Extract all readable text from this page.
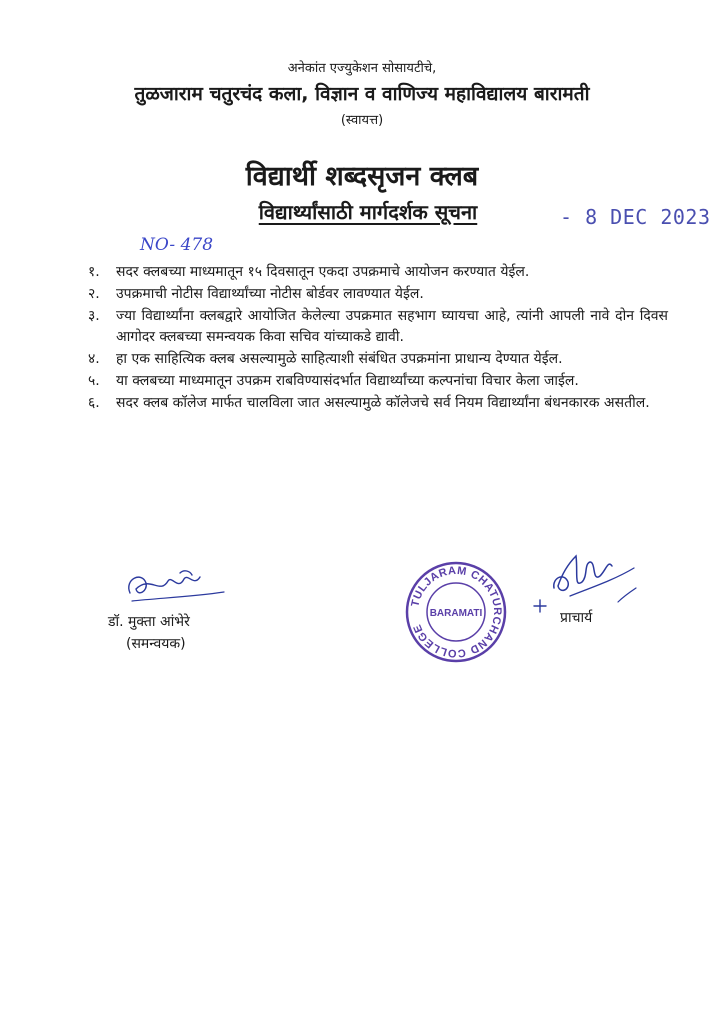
अनेकांत एज्युकेशन सोसायटीचे,
तुळजाराम चतुरचंद कला, विज्ञान व वाणिज्य महाविद्यालय बारामती
(स्वायत्त)
विद्यार्थी शब्दसृजन क्लब
विद्यार्थ्यांसाठी मार्गदर्शक सूचना	- 8 DEC 2023
NO- 478
१. सदर क्लबच्या माध्यमातून १५ दिवसातून एकदा उपक्रमाचे आयोजन करण्यात येईल.
२. उपक्रमाची नोटीस विद्यार्थ्यांच्या नोटीस बोर्डवर लावण्यात येईल.
३. ज्या विद्यार्थ्यांना क्लबद्वारे आयोजित केलेल्या उपक्रमात सहभाग घ्यायचा आहे, त्यांनी आपली नावे दोन दिवस आगोदर क्लबच्या समन्वयक किवा सचिव यांच्याकडे द्यावी.
४. हा एक साहित्यिक क्लब असल्यामुळे साहित्याशी संबंधित उपक्रमांना प्राधान्य देण्यात येईल.
५. या क्लबच्या माध्यमातून उपक्रम राबविण्यासंदर्भात विद्यार्थ्यांच्या कल्पनांचा विचार केला जाईल.
६. सदर क्लब कॉलेज मार्फत चालविला जात असल्यामुळे कॉलेजचे सर्व नियम विद्यार्थ्यांना बंधनकारक असतील.
डॉ. मुक्ता आंभेरे
(समन्वयक)
TULJARAM CHATURCHAND COLLEGE
BARAMATI	प्राचार्य
